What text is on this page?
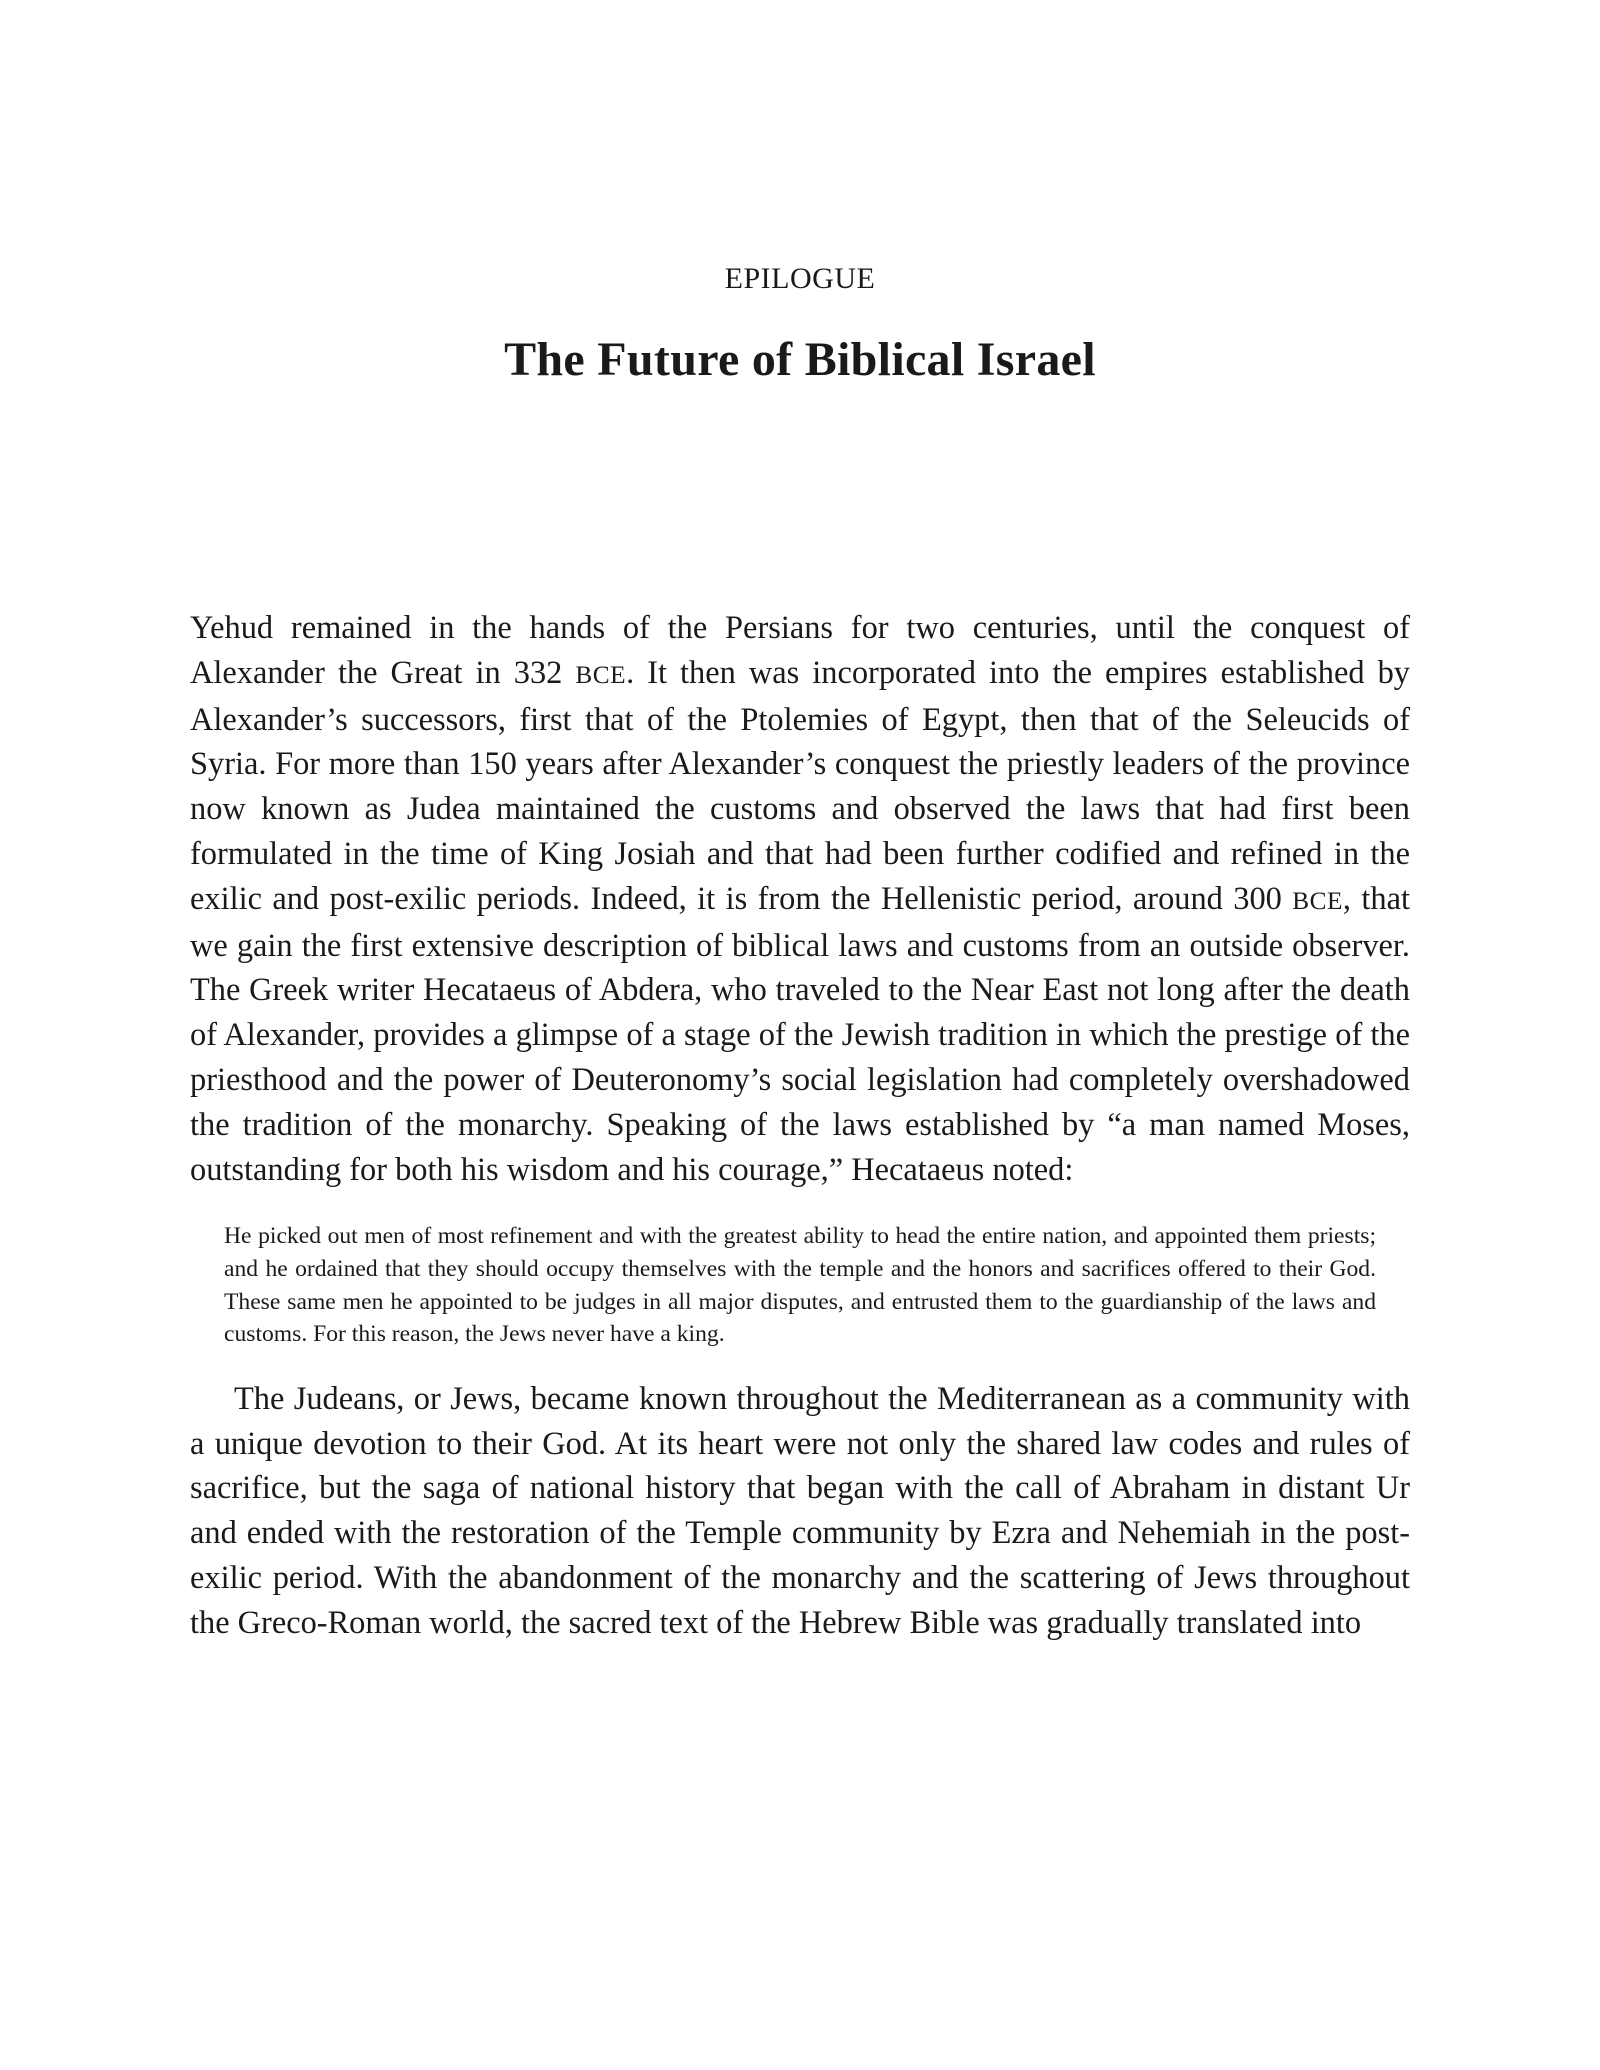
EPILOGUE
The Future of Biblical Israel

Yehud remained in the hands of the Persians for two centuries, until the conquest of Alexander the Great in 332 BCE. It then was incorporated into the empires established by Alexander’s successors, first that of the Ptolemies of Egypt, then that of the Seleucids of Syria. For more than 150 years after Alexander’s conquest the priestly leaders of the province now known as Judea maintained the customs and observed the laws that had first been formulated in the time of King Josiah and that had been further codified and refined in the exilic and post-exilic periods. Indeed, it is from the Hellenistic period, around 300 BCE, that we gain the first extensive description of biblical laws and customs from an outside observer. The Greek writer Hecataeus of Abdera, who traveled to the Near East not long after the death of Alexander, provides a glimpse of a stage of the Jewish tradition in which the prestige of the priesthood and the power of Deuteronomy’s social legislation had completely overshadowed the tradition of the monarchy. Speaking of the laws established by “a man named Moses, outstanding for both his wisdom and his courage,” Hecataeus noted:

He picked out men of most refinement and with the greatest ability to head the entire nation, and appointed them priests; and he ordained that they should occupy themselves with the temple and the honors and sacrifices offered to their God. These same men he appointed to be judges in all major disputes, and entrusted them to the guardianship of the laws and customs. For this reason, the Jews never have a king.

The Judeans, or Jews, became known throughout the Mediterranean as a community with a unique devotion to their God. At its heart were not only the shared law codes and rules of sacrifice, but the saga of national history that began with the call of Abraham in distant Ur and ended with the restoration of the Temple community by Ezra and Nehemiah in the post-exilic period. With the abandonment of the monarchy and the scattering of Jews throughout the Greco-Roman world, the sacred text of the Hebrew Bible was gradually translated into
